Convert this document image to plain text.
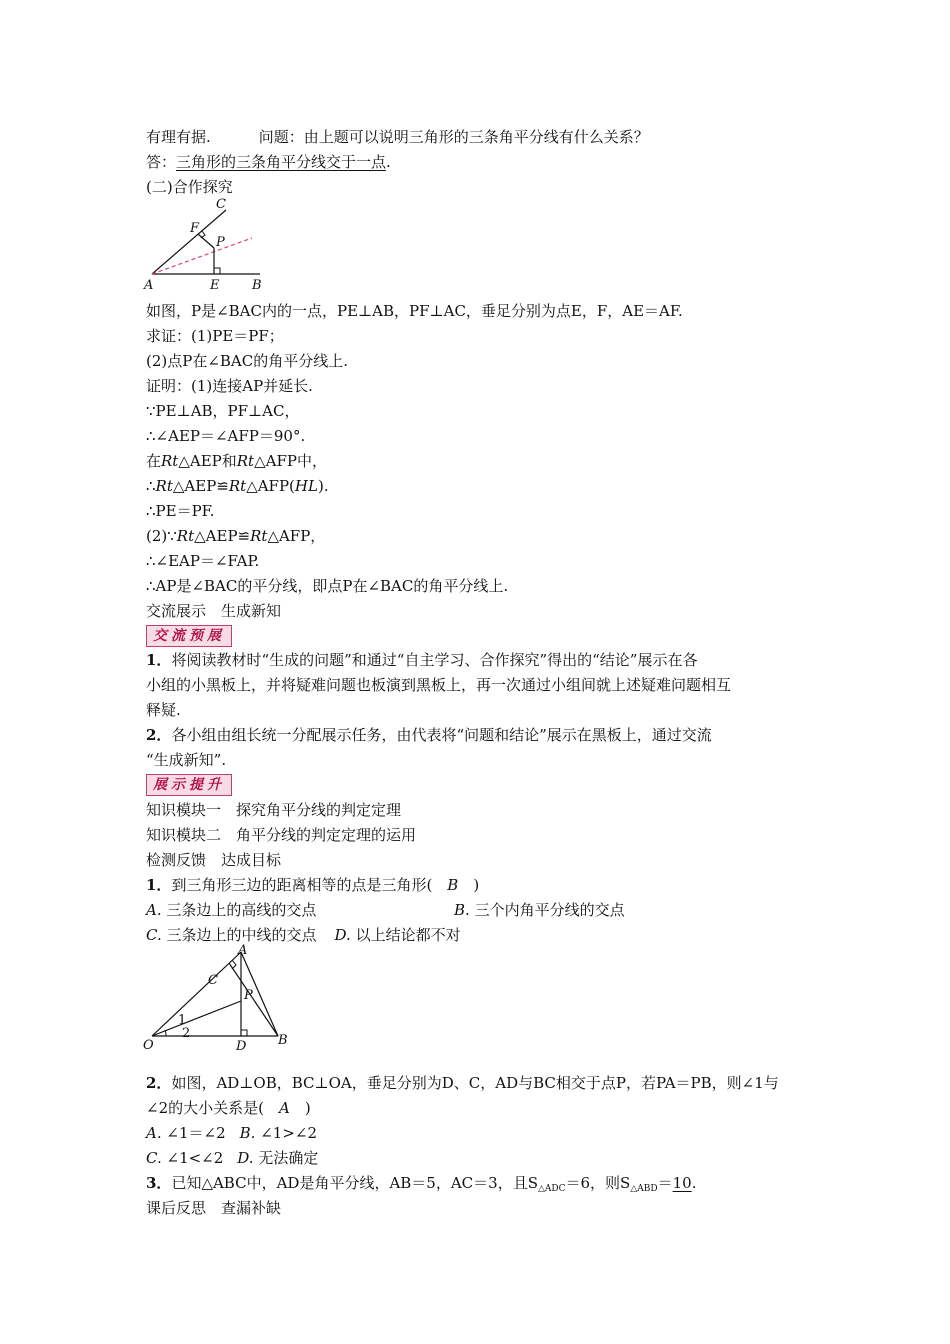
有理有据.	问题：由上题可以说明三角形的三条角平分线有什么关系？
答：三角形的三条角平分线交于一点.
(二)合作探究
C
F
P
A	E	B
如图，P是∠BAC内的一点，PE⊥AB，PF⊥AC，垂足分别为点E，F，AE＝AF.
求证：(1)PE＝PF；
(2)点P在∠BAC的角平分线上.
证明：(1)连接AP并延长.
∵PE⊥AB，PF⊥AC，
∴∠AEP＝∠AFP＝90°.
在Rt△AEP和Rt△AFP中，
∴Rt△AEP≌Rt△AFP(HL).
∴PE＝PF.
(2)∵Rt△AEP≌Rt△AFP，
∴∠EAP＝∠FAP.
∴AP是∠BAC的平分线，即点P在∠BAC的角平分线上.
交流展示　生成新知
交流预展
1．将阅读教材时“生成的问题”和通过“自主学习、合作探究”得出的“结论”展示在各
小组的小黑板上，并将疑难问题也板演到黑板上，再一次通过小组间就上述疑难问题相互
释疑.
2．各小组由组长统一分配展示任务，由代表将“问题和结论”展示在黑板上，通过交流
“生成新知”.
展示提升
知识模块一　探究角平分线的判定定理
知识模块二　角平分线的判定定理的运用
检测反馈　达成目标
1．到三角形三边的距离相等的点是三角形(　B　)
A. 三条边上的高线的交点	B. 三个内角平分线的交点
C. 三条边上的中线的交点 D. 以上结论都不对
A
C
P
1
2
O	D B
2．如图，AD⊥OB，BC⊥OA，垂足分别为D、C，AD与BC相交于点P，若PA＝PB，则∠1与
∠2的大小关系是(　A　)
A. ∠1＝∠2 B. ∠1>∠2
C. ∠1<∠2 D. 无法确定
3．已知△ABC中，AD是角平分线，AB＝5，AC＝3，且$S_{\triangle ADC}=6$，则$S_{\triangle ABD}=10$.
课后反思　查漏补缺
